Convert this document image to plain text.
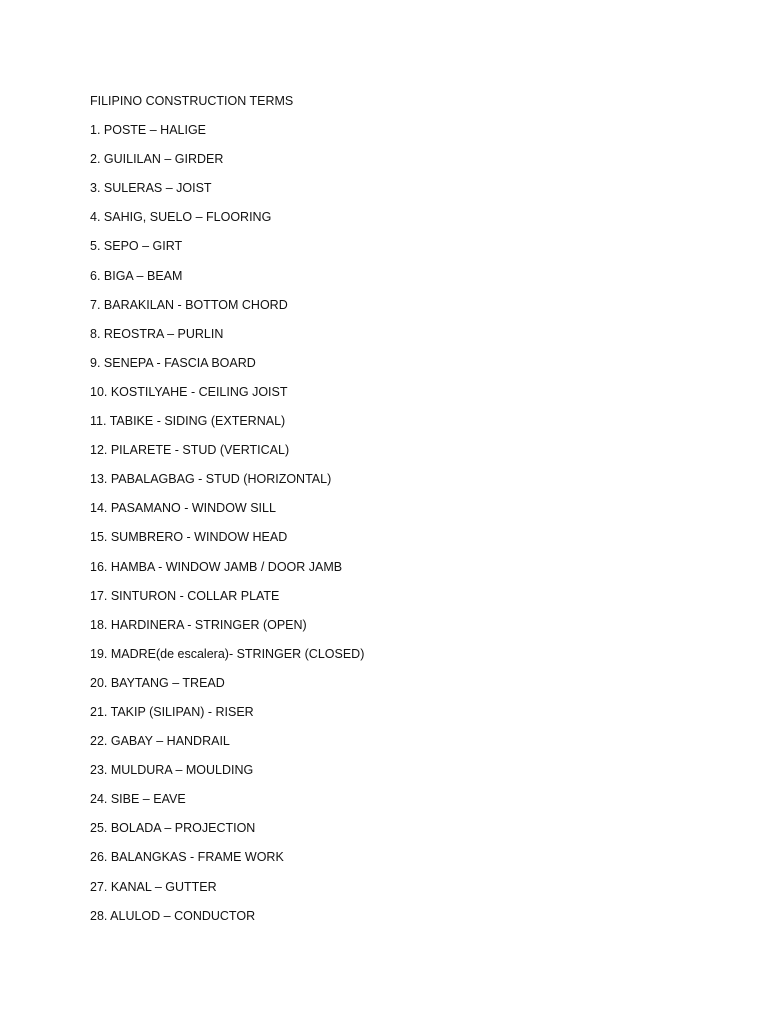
FILIPINO CONSTRUCTION TERMS
1. POSTE – HALIGE
2. GUILILAN – GIRDER
3. SULERAS – JOIST
4. SAHIG, SUELO – FLOORING
5. SEPO – GIRT
6. BIGA – BEAM
7. BARAKILAN - BOTTOM CHORD
8. REOSTRA – PURLIN
9. SENEPA - FASCIA BOARD
10. KOSTILYAHE - CEILING JOIST
11. TABIKE - SIDING (EXTERNAL)
12. PILARETE - STUD (VERTICAL)
13. PABALAGBAG - STUD (HORIZONTAL)
14. PASAMANO - WINDOW SILL
15. SUMBRERO - WINDOW HEAD
16. HAMBA - WINDOW JAMB / DOOR JAMB
17. SINTURON - COLLAR PLATE
18. HARDINERA - STRINGER (OPEN)
19. MADRE(de escalera)- STRINGER (CLOSED)
20. BAYTANG – TREAD
21. TAKIP (SILIPAN) - RISER
22. GABAY – HANDRAIL
23. MULDURA – MOULDING
24. SIBE – EAVE
25. BOLADA – PROJECTION
26. BALANGKAS - FRAME WORK
27. KANAL – GUTTER
28. ALULOD – CONDUCTOR
